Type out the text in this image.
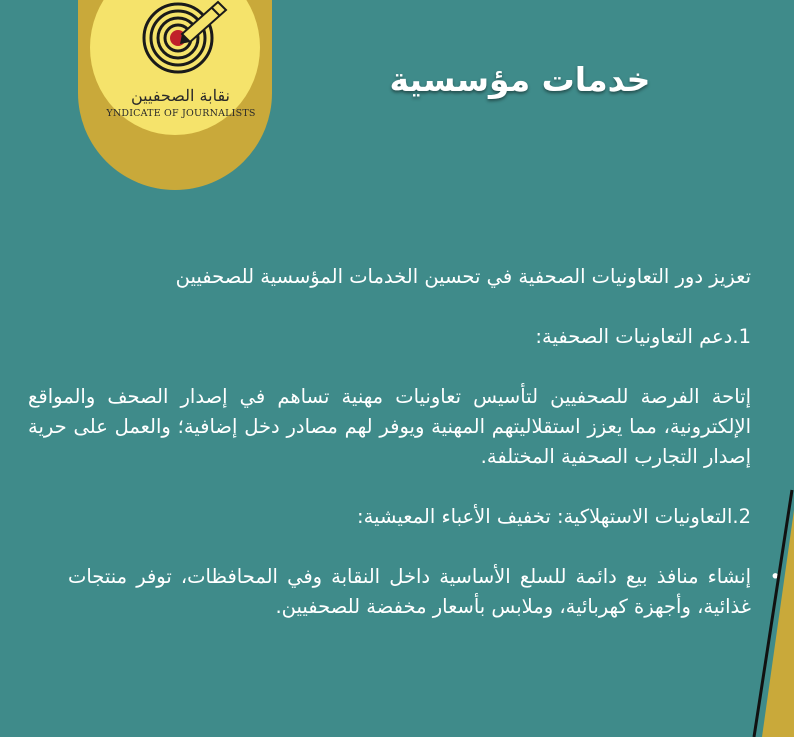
نقابة الصحفيين
YNDICATE OF JOURNALISTS
خدمات مؤسسية

تعزيز دور التعاونيات الصحفية في تحسين الخدمات المؤسسية للصحفيين

1.دعم التعاونيات الصحفية:

إتاحة الفرصة للصحفيين لتأسيس تعاونيات مهنية تساهم في إصدار الصحف والمواقع الإلكترونية، مما يعزز استقلاليتهم المهنية ويوفر لهم مصادر دخل إضافية؛ والعمل على حرية إصدار التجارب الصحفية المختلفة.

2.التعاونيات الاستهلاكية: تخفيف الأعباء المعيشية:

•
إنشاء منافذ بيع دائمة للسلع الأساسية داخل النقابة وفي المحافظات، توفر منتجات غذائية، وأجهزة كهربائية، وملابس بأسعار مخفضة للصحفيين.
